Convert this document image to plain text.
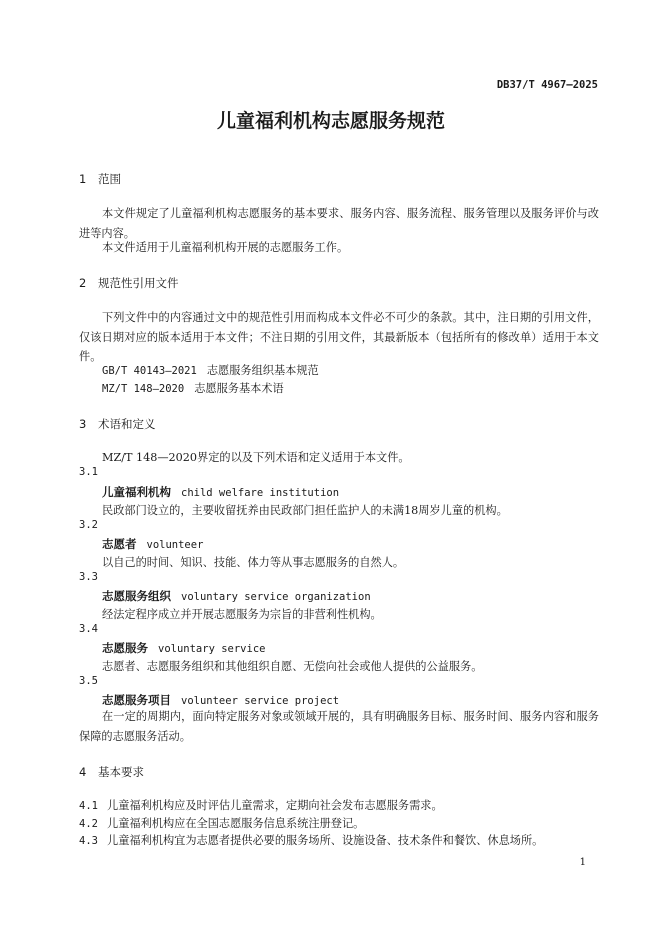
DB37/T 4967—2025
儿童福利机构志愿服务规范
1 范围
本文件规定了儿童福利机构志愿服务的基本要求、服务内容、服务流程、服务管理以及服务评价与改进等内容。
本文件适用于儿童福利机构开展的志愿服务工作。
2 规范性引用文件
下列文件中的内容通过文中的规范性引用而构成本文件必不可少的条款。其中，注日期的引用文件，仅该日期对应的版本适用于本文件；不注日期的引用文件，其最新版本（包括所有的修改单）适用于本文件。
GB/T 40143—2021 志愿服务组织基本规范
MZ/T 148—2020 志愿服务基本术语
3 术语和定义
MZ/T 148—2020界定的以及下列术语和定义适用于本文件。
3.1
儿童福利机构 child welfare institution
民政部门设立的，主要收留抚养由民政部门担任监护人的未满18周岁儿童的机构。
3.2
志愿者 volunteer
以自己的时间、知识、技能、体力等从事志愿服务的自然人。
3.3
志愿服务组织 voluntary service organization
经法定程序成立并开展志愿服务为宗旨的非营利性机构。
3.4
志愿服务 voluntary service
志愿者、志愿服务组织和其他组织自愿、无偿向社会或他人提供的公益服务。
3.5
志愿服务项目 volunteer service project
在一定的周期内，面向特定服务对象或领域开展的，具有明确服务目标、服务时间、服务内容和服务保障的志愿服务活动。
4 基本要求
4.1 儿童福利机构应及时评估儿童需求，定期向社会发布志愿服务需求。
4.2 儿童福利机构应在全国志愿服务信息系统注册登记。
4.3 儿童福利机构宜为志愿者提供必要的服务场所、设施设备、技术条件和餐饮、休息场所。
1
